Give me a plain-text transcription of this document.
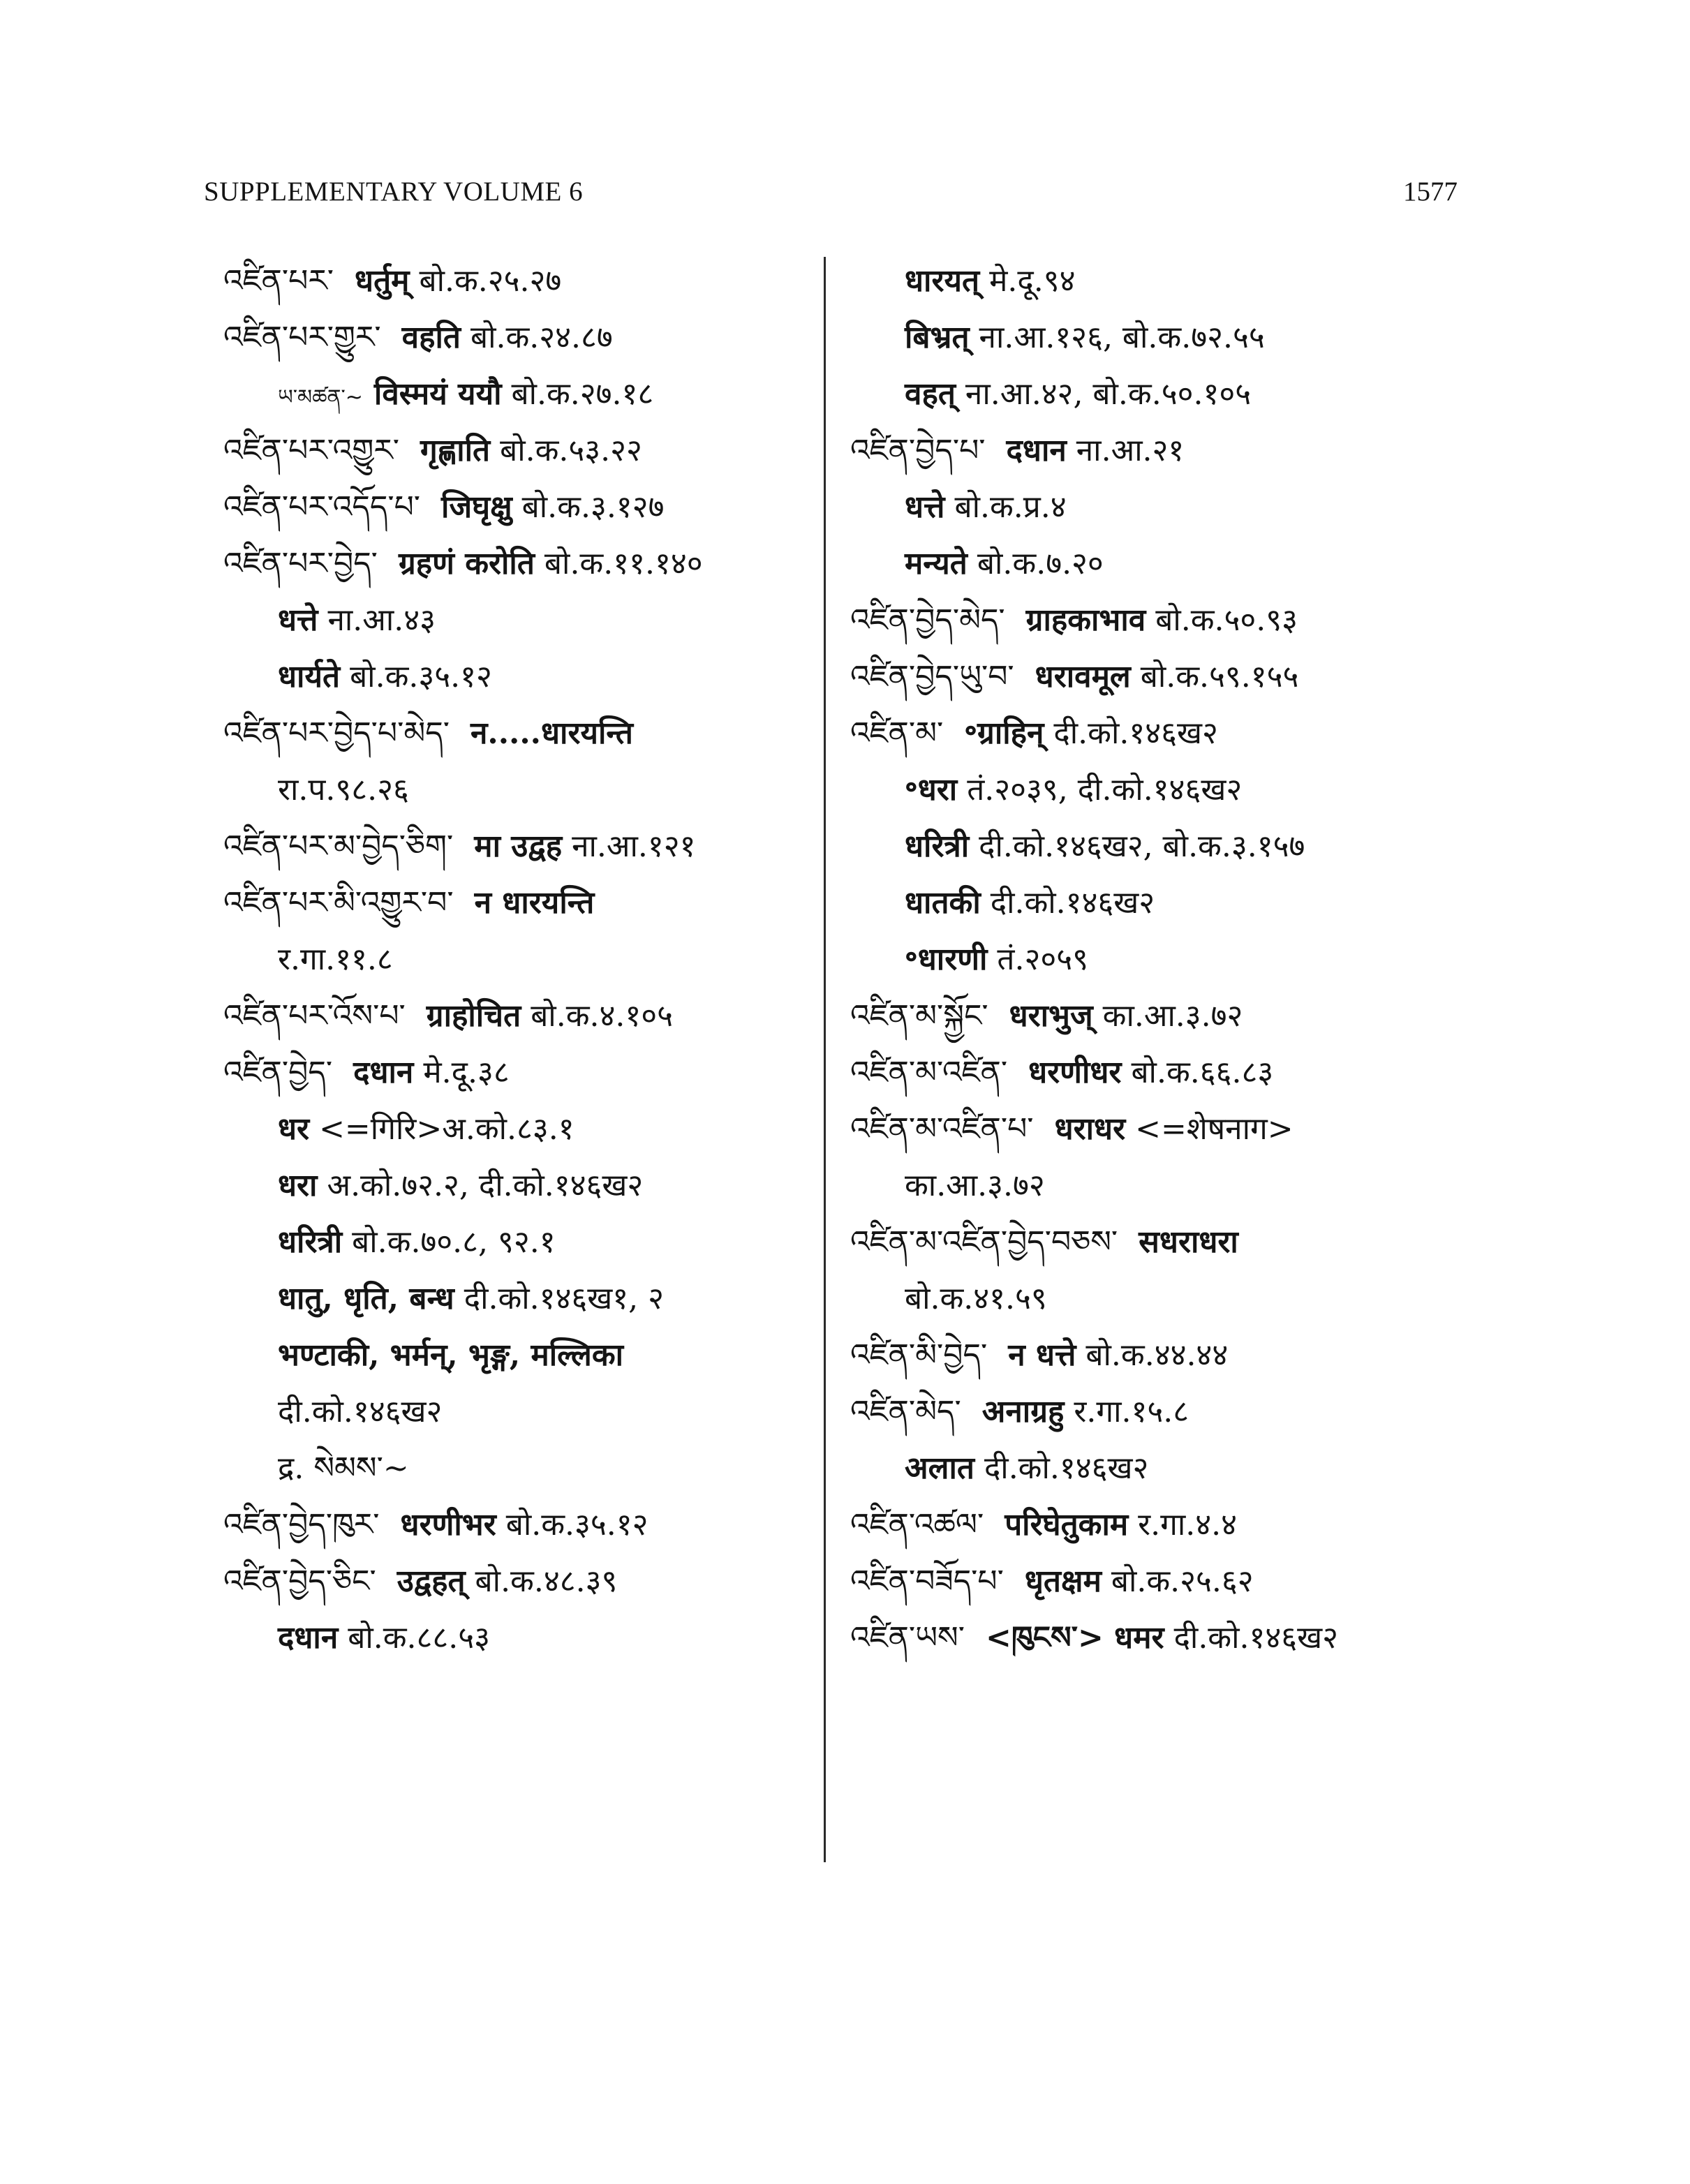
SUPPLEMENTARY VOLUME 6	1577
འཛིན་པར་ धर्तुम् बो.क.२५.२७
འཛིན་པར་གྱུར་ वहति बो.क.२४.८७
ཡ་མཚན་~ विस्मयं ययौ बो.क.२७.१८
འཛིན་པར་འགྱུར་ गृह्णाति बो.क.५३.२२
འཛིན་པར་འདོད་པ་ जिघृक्षु बो.क.३.१२७
འཛིན་པར་བྱེད་ ग्रहणं करोति बो.क.११.१४०
धत्ते ना.आ.४३
धार्यते बो.क.३५.१२
འཛིན་པར་བྱེད་པ་མེད་ न.....धारयन्ति
रा.प.९८.२६
འཛིན་པར་མ་བྱེད་ཅིག་ मा उद्वह ना.आ.१२१
འཛིན་པར་མི་འགྱུར་བ་ न धारयन्ति
र.गा.११.८
འཛིན་པར་འོས་པ་ ग्राहोचित बो.क.४.१०५
འཛིན་བྱེད་ दधान मे.दू.३८
धर <=गिरि>अ.को.८३.१
धरा अ.को.७२.२, दी.को.१४६ख२
धरित्री बो.क.७०.८, ९२.१
धातु, धृति, बन्ध दी.को.१४६ख१, २
भण्टाकी, भर्मन्, भृङ्ग, मल्लिका
दी.को.१४६ख२
द्र. སེམས་~
འཛིན་བྱེད་ཁུར་ धरणीभर बो.क.३५.१२
འཛིན་བྱེད་ཅིང་ उद्वहत् बो.क.४८.३९
दधान बो.क.८८.५३
धारयत् मे.दू.९४
बिभ्रत् ना.आ.१२६, बो.क.७२.५५
वहत् ना.आ.४२, बो.क.५०.१०५
འཛིན་བྱེད་པ་ दधान ना.आ.२१
धत्ते बो.क.प्र.४
मन्यते बो.क.७.२०
འཛིན་བྱེད་མེད་ ग्राहकाभाव बो.क.५०.९३
འཛིན་བྱེད་ཡུ་བ་ धरावमूल बो.क.५९.१५५
འཛིན་མ་ ॰ग्राहिन् दी.को.१४६ख२
॰धरा तं.२०३९, दी.को.१४६ख२
धरित्री दी.को.१४६ख२, बो.क.३.१५७
धातकी दी.को.१४६ख२
॰धारणी तं.२०५९
འཛིན་མ་སྐྱོང་ धराभुज् का.आ.३.७२
འཛིན་མ་འཛིན་ धरणीधर बो.क.६६.८३
འཛིན་མ་འཛིན་པ་ धराधर <=शेषनाग>
का.आ.३.७२
འཛིན་མ་འཛིན་བྱེད་བཅས་ सधराधरा
बो.क.४१.५९
འཛིན་མི་བྱེད་ न धत्ते बो.क.४४.४४
འཛིན་མེད་ अनाग्रहु र.गा.१५.८
अलात दी.को.१४६ख२
འཛིན་འཚལ་ परिघेतुकाम र.गा.४.४
འཛིན་བཟོད་པ་ धृतक्षम बो.क.२५.६२
འཛིན་ཡས་ <ཁུངས་> धमर दी.को.१४६ख२
